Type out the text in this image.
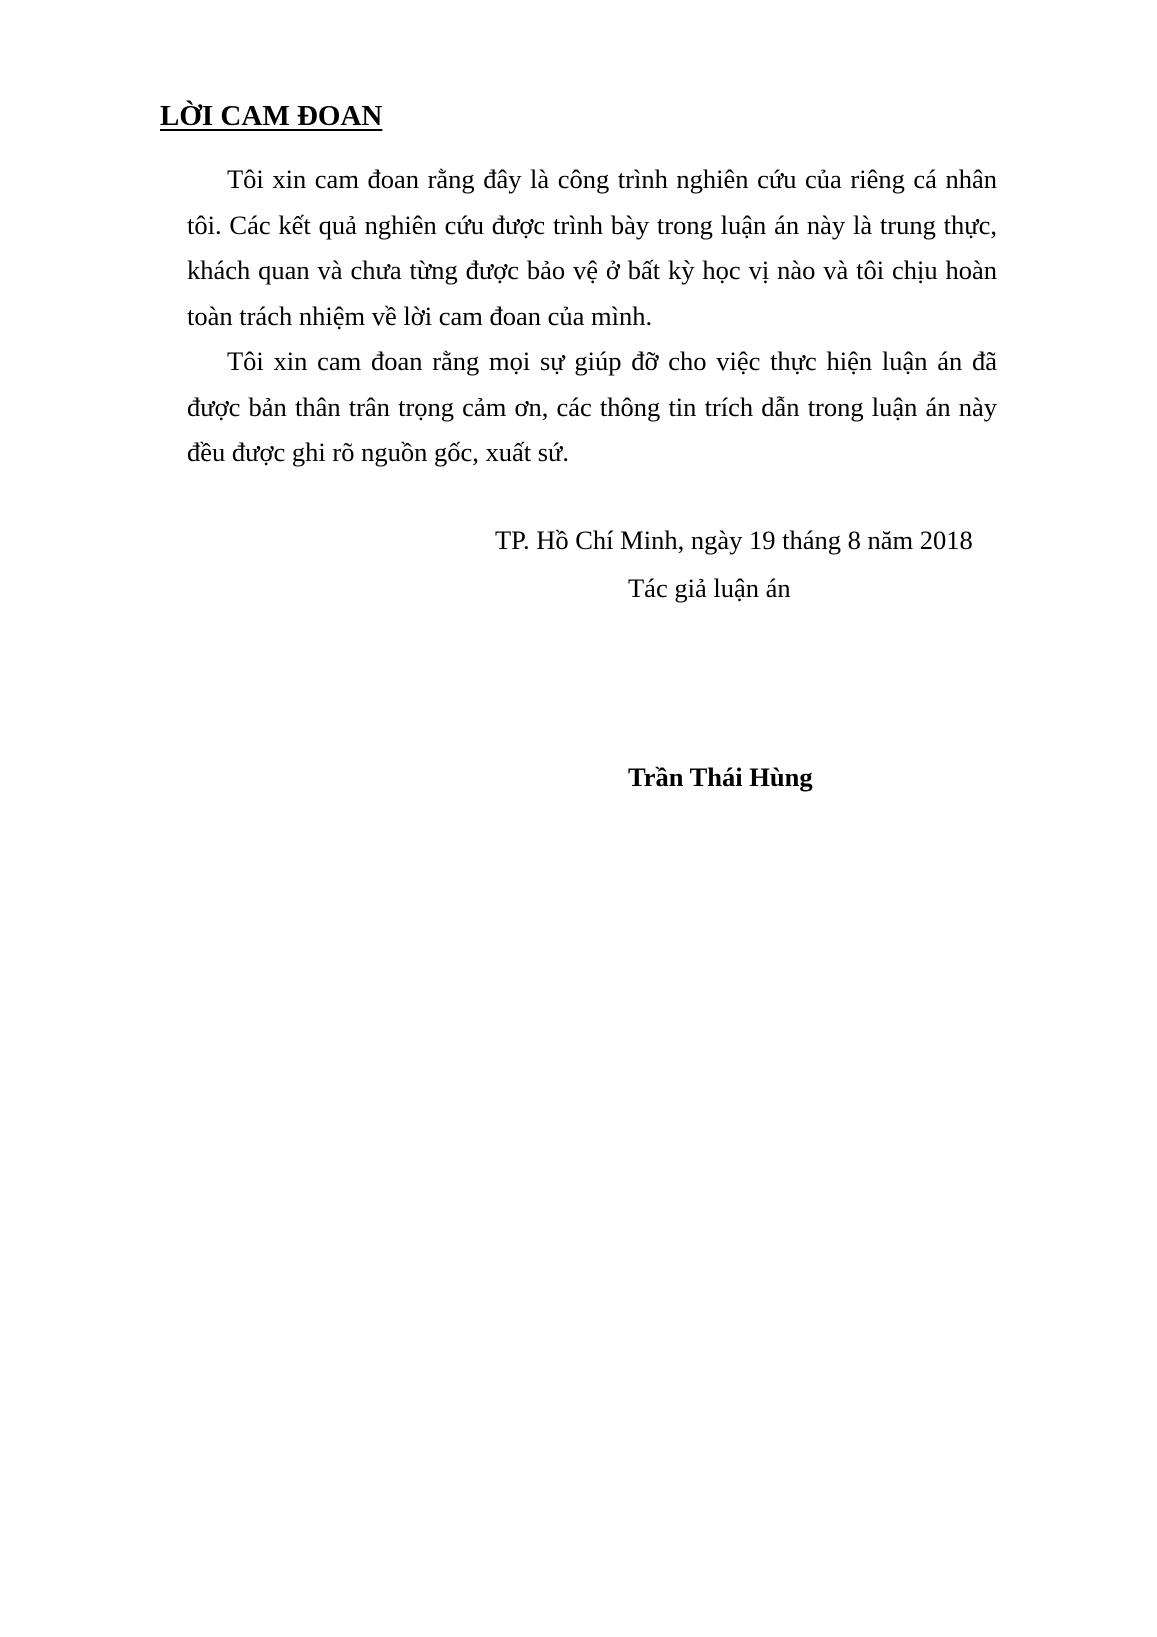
LỜI CAM ĐOAN

Tôi xin cam đoan rằng đây là công trình nghiên cứu của riêng cá nhân tôi. Các kết quả nghiên cứu được trình bày trong luận án này là trung thực, khách quan và chưa từng được bảo vệ ở bất kỳ học vị nào và tôi chịu hoàn toàn trách nhiệm về lời cam đoan của mình.

Tôi xin cam đoan rằng mọi sự giúp đỡ cho việc thực hiện luận án đã được bản thân trân trọng cảm ơn, các thông tin trích dẫn trong luận án này đều được ghi rõ nguồn gốc, xuất sứ.

TP. Hồ Chí Minh, ngày 19 tháng 8 năm 2018
Tác giả luận án
Trần Thái Hùng
